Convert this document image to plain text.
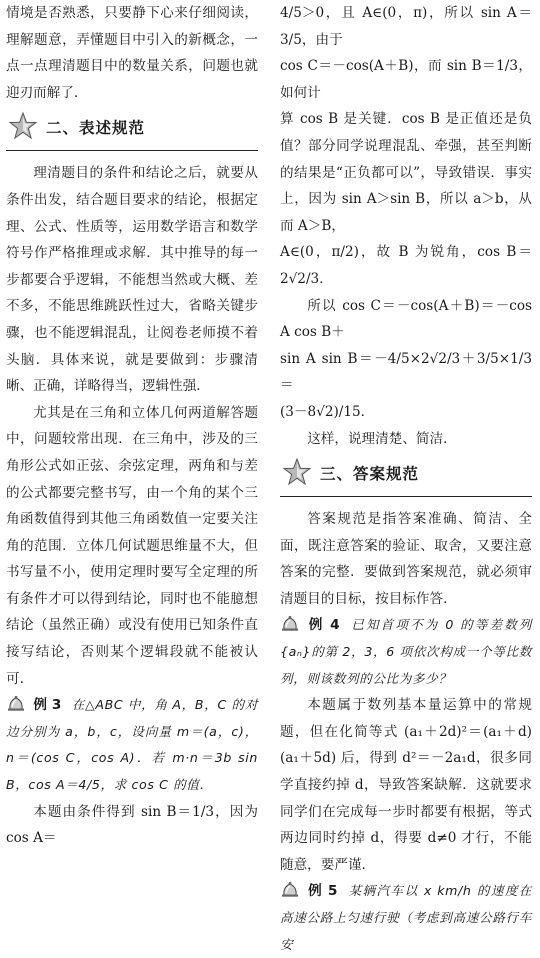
情境是否熟悉，只要静下心来仔细阅读，理解题意，弄懂题目中引入的新概念，一点一点理清题目中的数量关系，问题也就迎刃而解了．

二、表述规范

理清题目的条件和结论之后，就要从条件出发，结合题目要求的结论，根据定理、公式、性质等，运用数学语言和数学符号作严格推理或求解．其中推导的每一步都要合乎逻辑，不能想当然或大概、差不多，不能思维跳跃性过大，省略关键步骤，也不能逻辑混乱，让阅卷老师摸不着头脑．具体来说，就是要做到：步骤清晰、正确，详略得当，逻辑性强．

尤其是在三角和立体几何两道解答题中，问题较常出现．在三角中，涉及的三角形公式如正弦、余弦定理，两角和与差的公式都要完整书写，由一个角的某个三角函数值得到其他三角函数值一定要关注角的范围．立体几何试题思维量不大，但书写量不小，使用定理时要写全定理的所有条件才可以得到结论，同时也不能臆想结论（虽然正确）或没有使用已知条件直接写结论，否则某个逻辑段就不能被认可．

例 3 在△ABC 中，角 A，B，C 的对边分别为 a，b，c，设向量 m＝(a，c)，n＝(cos C，cos A)．若 m·n＝3b sin B，cos A＝4/5，求 cos C 的值．

本题由条件得到 sin B＝1/3，因为 cos A＝

4/5＞0，且 A∈(0，π)，所以 sin A＝3/5，由于

cos C＝－cos(A＋B)，而 sin B＝1/3，如何计

算 cos B 是关键．cos B 是正值还是负值？部分同学说理混乱、牵强，甚至判断的结果是“正负都可以”，导致错误．事实上，因为 sin A＞sin B，所以 a＞b，从而 A＞B，

A∈(0，π/2)，故 B 为锐角，cos B＝2√2/3．

所以 cos C＝－cos(A＋B)＝－cos A cos B＋

sin A sin B＝－4/5×2√2/3＋3/5×1/3＝

(3－8√2)/15．

这样，说理清楚、简洁．

三、答案规范

答案规范是指答案准确、简洁、全面，既注意答案的验证、取舍，又要注意答案的完整．要做到答案规范，就必须审清题目的目标，按目标作答．

例 4 已知首项不为 0 的等差数列{aₙ}的第 2，3，6 项依次构成一个等比数列，则该数列的公比为多少？

本题属于数列基本量运算中的常规题，但在化简等式 (a₁＋2d)²＝(a₁＋d)(a₁＋5d) 后，得到 d²＝－2a₁d，很多同学直接约掉 d，导致答案缺解．这就要求同学们在完成每一步时都要有根据，等式两边同时约掉 d，得要 d≠0 才行，不能随意，要严谨．

例 5 某辆汽车以 x km/h 的速度在高速公路上匀速行驶（考虑到高速公路行车安
